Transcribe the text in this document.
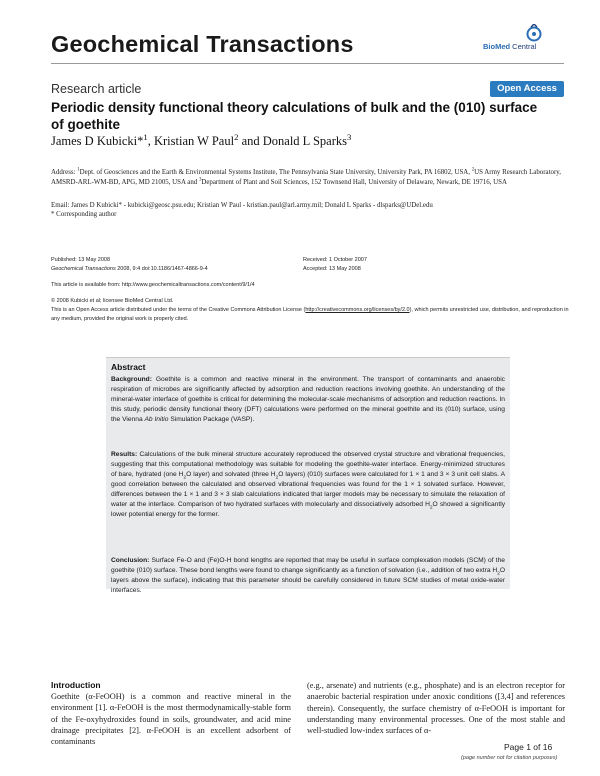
Geochemical Transactions	BioMed Central
Research article	Open Access
Periodic density functional theory calculations of bulk and the (010) surface of goethite
James D Kubicki*$^1$, Kristian W Paul$^2$ and Donald L Sparks$^3$
Address: $^1$Dept. of Geosciences and the Earth & Environmental Systems Institute, The Pennsylvania State University, University Park, PA 16802, USA, $^2$US Army Research Laboratory, AMSRD-ARL-WM-BD, APG, MD 21005, USA and $^3$Department of Plant and Soil Sciences, 152 Townsend Hall, University of Delaware, Newark, DE 19716, USA
Email: James D Kubicki* - kubicki@geosc.psu.edu; Kristian W Paul - kristian.paul@arl.army.mil; Donald L Sparks - dlsparks@UDel.edu
* Corresponding author
Published: 13 May 2008
Geochemical Transactions 2008, 9:4 doi:10.1186/1467-4866-9-4
Received: 1 October 2007
Accepted: 13 May 2008
This article is available from: http://www.geochemicaltransactions.com/content/9/1/4
© 2008 Kubicki et al; licensee BioMed Central Ltd.
This is an Open Access article distributed under the terms of the Creative Commons Attribution License (http://creativecommons.org/licenses/by/2.0), which permits unrestricted use, distribution, and reproduction in any medium, provided the original work is properly cited.
Abstract
Background: Goethite is a common and reactive mineral in the environment. The transport of contaminants and anaerobic respiration of microbes are significantly affected by adsorption and reduction reactions involving goethite. An understanding of the mineral-water interface of goethite is critical for determining the molecular-scale mechanisms of adsorption and reduction reactions. In this study, periodic density functional theory (DFT) calculations were performed on the mineral goethite and its (010) surface, using the Vienna Ab Initio Simulation Package (VASP).
Results: Calculations of the bulk mineral structure accurately reproduced the observed crystal structure and vibrational frequencies, suggesting that this computational methodology was suitable for modeling the goethite-water interface. Energy-minimized structures of bare, hydrated (one $H_2O$ layer) and solvated (three $H_2O$ layers) (010) surfaces were calculated for 1 × 1 and 3 × 3 unit cell slabs. A good correlation between the calculated and observed vibrational frequencies was found for the 1 × 1 solvated surface. However, differences between the 1 × 1 and 3 × 3 slab calculations indicated that larger models may be necessary to simulate the relaxation of water at the interface. Comparison of two hydrated surfaces with molecularly and dissociatively adsorbed $H_2O$ showed a significantly lower potential energy for the former.
Conclusion: Surface Fe-O and (Fe)O-H bond lengths are reported that may be useful in surface complexation models (SCM) of the goethite (010) surface. These bond lengths were found to change significantly as a function of solvation (i.e., addition of two extra $H_2O$ layers above the surface), indicating that this parameter should be carefully considered in future SCM studies of metal oxide-water interfaces.
Introduction
Goethite (α-FeOOH) is a common and reactive mineral in the environment [1]. α-FeOOH is the most thermodynamically-stable form of the Fe-oxyhydroxides found in soils, groundwater, and acid mine drainage precipitates [2]. α-FeOOH is an excellent adsorbent of contaminants
(e.g., arsenate) and nutrients (e.g., phosphate) and is an electron receptor for anaerobic bacterial respiration under anoxic conditions ([3,4] and references therein). Consequently, the surface chemistry of α-FeOOH is important for understanding many environmental processes. One of the most stable and well-studied low-index surfaces of α-
Page 1 of 16
(page number not for citation purposes)
